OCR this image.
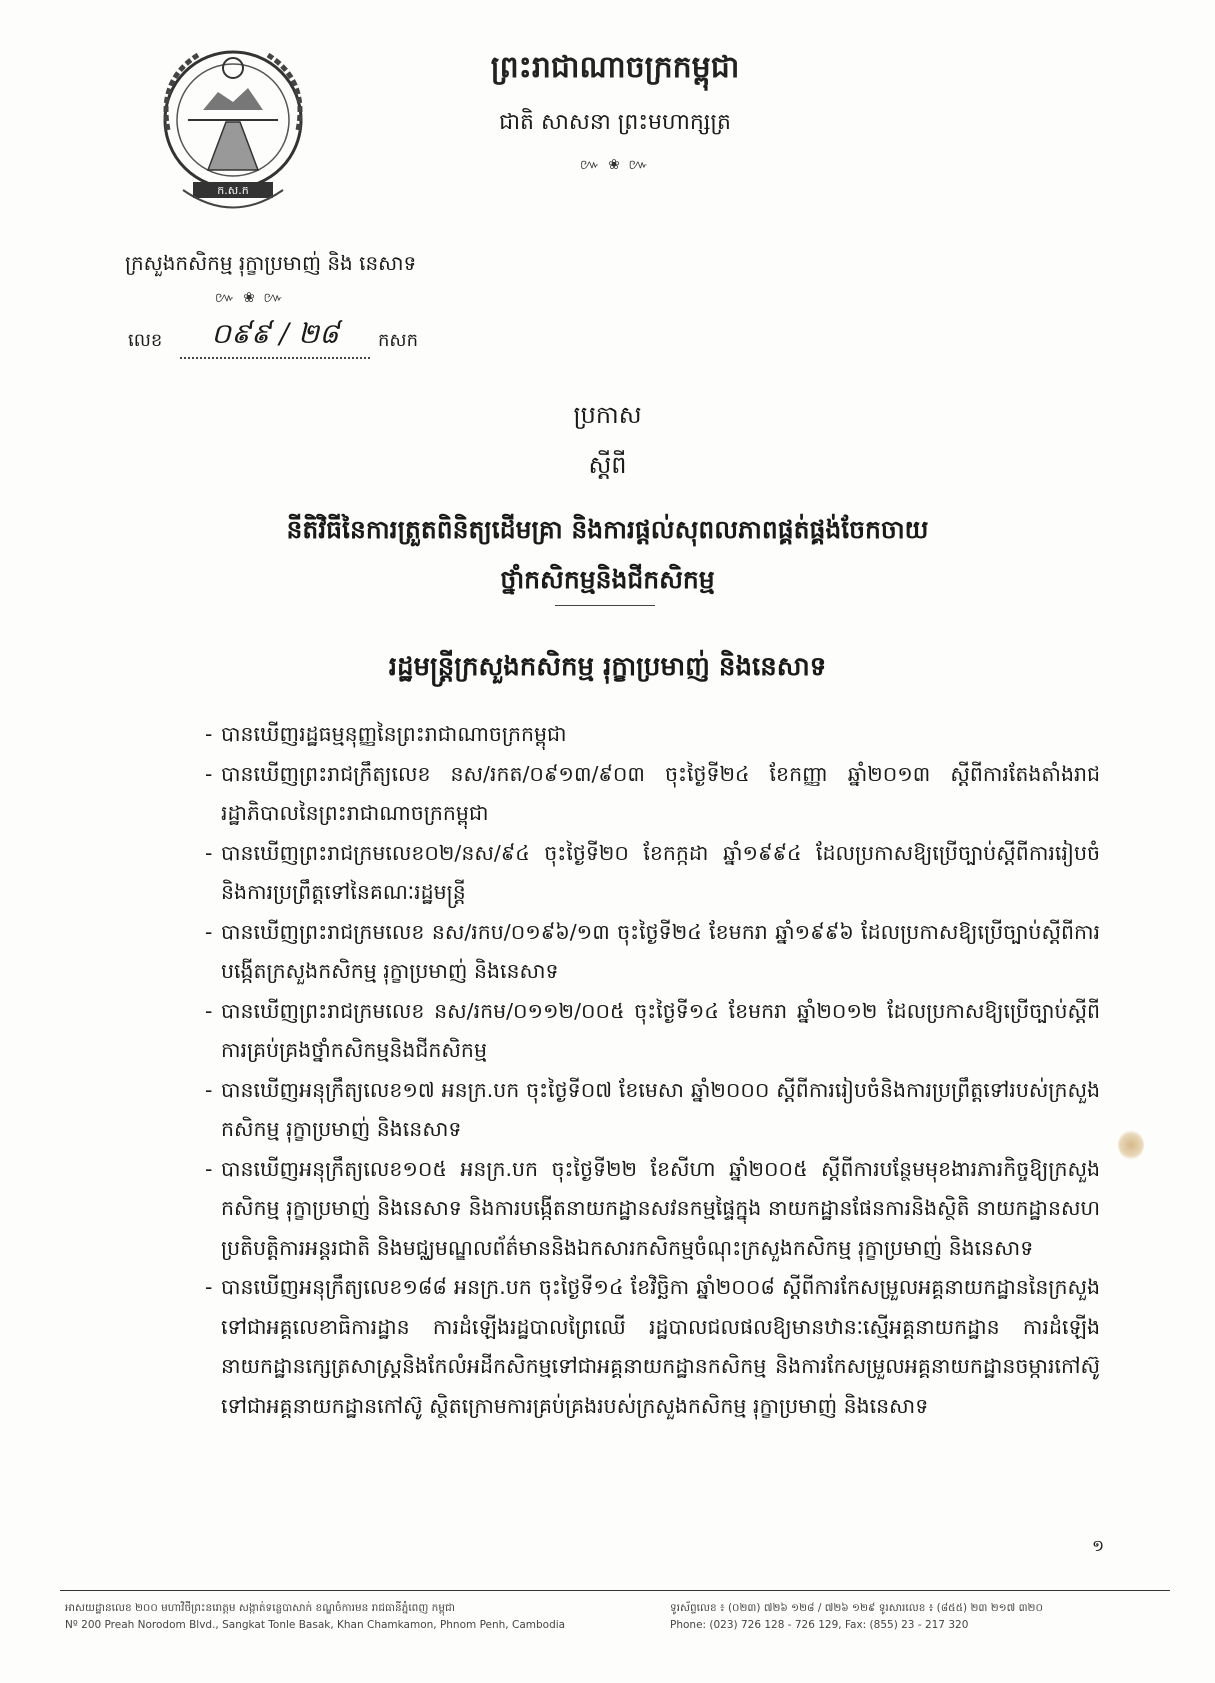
ក.ស.ក
ព្រះរាជាណាចក្រកម្ពុជា
ជាតិ សាសនា ព្រះមហាក្សត្រ
៚ ❀ ៚
ក្រសួងកសិកម្ម រុក្ខាប្រមាញ់ និង នេសាទ
៚ ❀ ៚
លេខ	០៩៩ / ២៨	កសក
ប្រកាស
ស្តីពី
នីតិវិធីនៃការត្រួតពិនិត្យដើមគ្រា និងការផ្តល់សុពលភាពផ្គត់ផ្គង់ចែកចាយ
ថ្នាំកសិកម្មនិងជីកសិកម្ម
រដ្ឋមន្ត្រីក្រសួងកសិកម្ម រុក្ខាប្រមាញ់ និងនេសាទ
- បានឃើញរដ្ឋធម្មនុញ្ញនៃព្រះរាជាណាចក្រកម្ពុជា
- បានឃើញព្រះរាជក្រឹត្យលេខ នស/រកត/០៩១៣/៩០៣ ចុះថ្ងៃទី២៤ ខែកញ្ញា ឆ្នាំ២០១៣ ស្តីពីការតែងតាំងរាជរដ្ឋាភិបាលនៃព្រះរាជាណាចក្រកម្ពុជា
- បានឃើញព្រះរាជក្រមលេខ០២/នស/៩៤ ចុះថ្ងៃទី២០ ខែកក្កដា ឆ្នាំ១៩៩៤ ដែលប្រកាសឱ្យប្រើច្បាប់ស្តីពីការរៀបចំ និងការប្រព្រឹត្តទៅនៃគណៈរដ្ឋមន្ត្រី
- បានឃើញព្រះរាជក្រមលេខ នស/រកប/០១៩៦/១៣ ចុះថ្ងៃទី២៤ ខែមករា ឆ្នាំ១៩៩៦ ដែលប្រកាសឱ្យប្រើច្បាប់ស្តីពីការបង្កើតក្រសួងកសិកម្ម រុក្ខាប្រមាញ់ និងនេសាទ
- បានឃើញព្រះរាជក្រមលេខ នស/រកម/០១១២/០០៥ ចុះថ្ងៃទី១៤ ខែមករា ឆ្នាំ២០១២ ដែលប្រកាសឱ្យប្រើច្បាប់ស្តីពីការគ្រប់គ្រងថ្នាំកសិកម្មនិងជីកសិកម្ម
- បានឃើញអនុក្រឹត្យលេខ១៧ អនក្រ.បក ចុះថ្ងៃទី០៧ ខែមេសា ឆ្នាំ២០០០ ស្តីពីការរៀបចំនិងការប្រព្រឹត្តទៅរបស់ក្រសួងកសិកម្ម រុក្ខាប្រមាញ់ និងនេសាទ
- បានឃើញអនុក្រឹត្យលេខ១០៥ អនក្រ.បក ចុះថ្ងៃទី២២ ខែសីហា ឆ្នាំ២០០៥ ស្តីពីការបន្ថែមមុខងារភារកិច្ចឱ្យក្រសួងកសិកម្ម រុក្ខាប្រមាញ់ និងនេសាទ និងការបង្កើតនាយកដ្ឋានសវនកម្មផ្ទៃក្នុង នាយកដ្ឋានផែនការនិងស្ថិតិ នាយកដ្ឋានសហប្រតិបត្តិការអន្តរជាតិ និងមជ្ឈមណ្ឌលព័ត៌មាននិងឯកសារកសិកម្មចំណុះក្រសួងកសិកម្ម រុក្ខាប្រមាញ់ និងនេសាទ
- បានឃើញអនុក្រឹត្យលេខ១៨៨ អនក្រ.បក ចុះថ្ងៃទី១៤ ខែវិច្ឆិកា ឆ្នាំ២០០៨ ស្តីពីការកែសម្រួលអគ្គនាយកដ្ឋាននៃក្រសួងទៅជាអគ្គលេខាធិការដ្ឋាន ការដំឡើងរដ្ឋបាលព្រៃឈើ រដ្ឋបាលជលផលឱ្យមានឋានៈស្មើអគ្គនាយកដ្ឋាន ការដំឡើងនាយកដ្ឋានក្សេត្រសាស្ត្រនិងកែលំអដីកសិកម្មទៅជាអគ្គនាយកដ្ឋានកសិកម្ម និងការកែសម្រួលអគ្គនាយកដ្ឋានចម្ការកៅស៊ូទៅជាអគ្គនាយកដ្ឋានកៅស៊ូ ស្ថិតក្រោមការគ្រប់គ្រងរបស់ក្រសួងកសិកម្ម រុក្ខាប្រមាញ់ និងនេសាទ
១
អាសយដ្ឋានលេខ ២០០ មហាវិថីព្រះនរោត្តម សង្កាត់ទន្លេបាសាក់ ខណ្ឌចំការមន រាជធានីភ្នំពេញ កម្ពុជា
Nº 200 Preah Norodom Blvd., Sangkat Tonle Basak, Khan Chamkamon, Phnom Penh, Cambodia
ទូរស័ព្ទលេខ ៖ (០២៣) ៧២៦ ១២៨ / ៧២៦ ១២៩ ទូរសារលេខ ៖ (៨៥៥) ២៣ ២១៧ ៣២០
Phone: (023) 726 128 - 726 129, Fax: (855) 23 - 217 320
